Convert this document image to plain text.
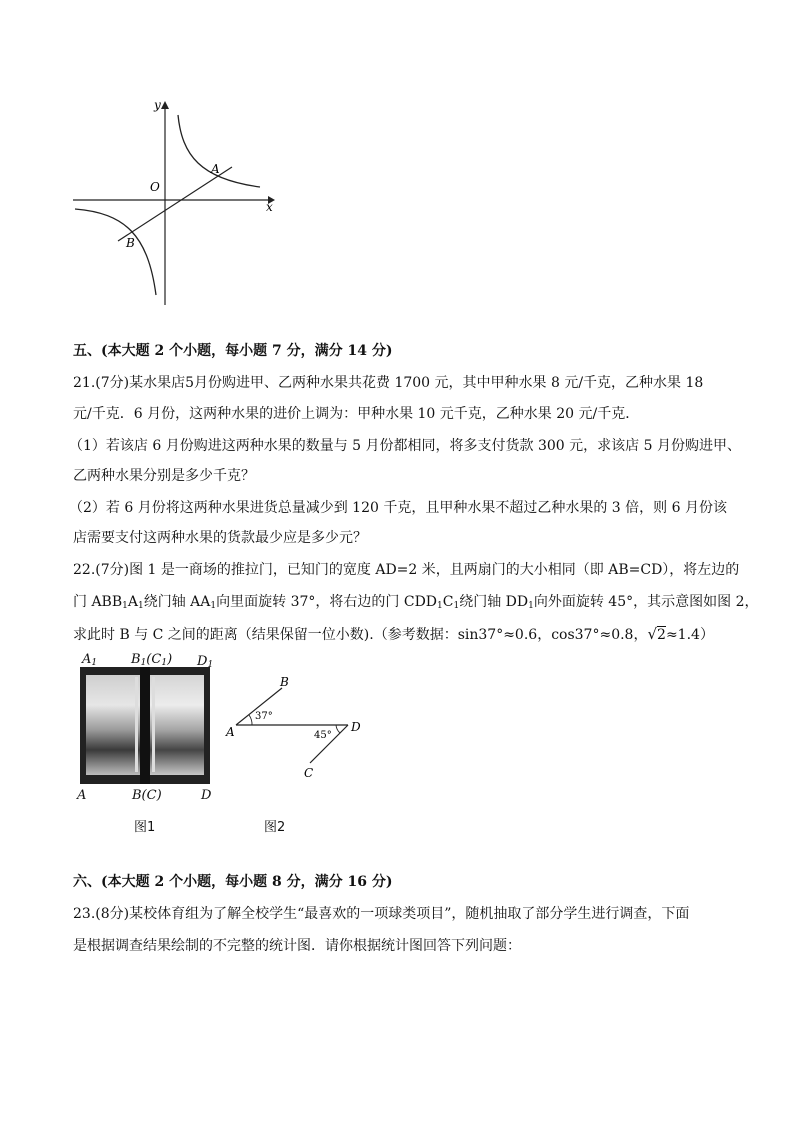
y
x
O
A
B
五、(本大题 2 个小题，每小题 7 分，满分 14 分)
21.(7分)某水果店5月份购进甲、乙两种水果共花费 1700 元，其中甲种水果 8 元/千克，乙种水果 18
元/千克．6 月份，这两种水果的进价上调为：甲种水果 10 元千克，乙种水果 20 元/千克．
（1）若该店 6 月份购进这两种水果的数量与 5 月份都相同，将多支付货款 300 元，求该店 5 月份购进甲、
乙两种水果分别是多少千克？
（2）若 6 月份将这两种水果进货总量减少到 120 千克，且甲种水果不超过乙种水果的 3 倍，则 6 月份该
店需要支付这两种水果的货款最少应是多少元？
22.(7分)图 1 是一商场的推拉门，已知门的宽度 AD=2 米，且两扇门的大小相同（即 AB=CD），将左边的
门 $ABB_1A_1$绕门轴 $AA_1$向里面旋转 37°，将右边的门 $CDD_1C_1$绕门轴 $DD_1$向外面旋转 45°，其示意图如图 2，
求此时 B 与 C 之间的距离（结果保留一位小数).（参考数据：sin37°≈0.6，cos37°≈0.8，√2≈1.4）
$A_1$	$B_1(C_1)$ $D_1$
A	B(C)	D
图1
37°
45°
A
B
D
C
图2
六、(本大题 2 个小题，每小题 8 分，满分 16 分)
23.(8分)某校体育组为了解全校学生“最喜欢的一项球类项目”，随机抽取了部分学生进行调查，下面
是根据调查结果绘制的不完整的统计图．请你根据统计图回答下列问题：
